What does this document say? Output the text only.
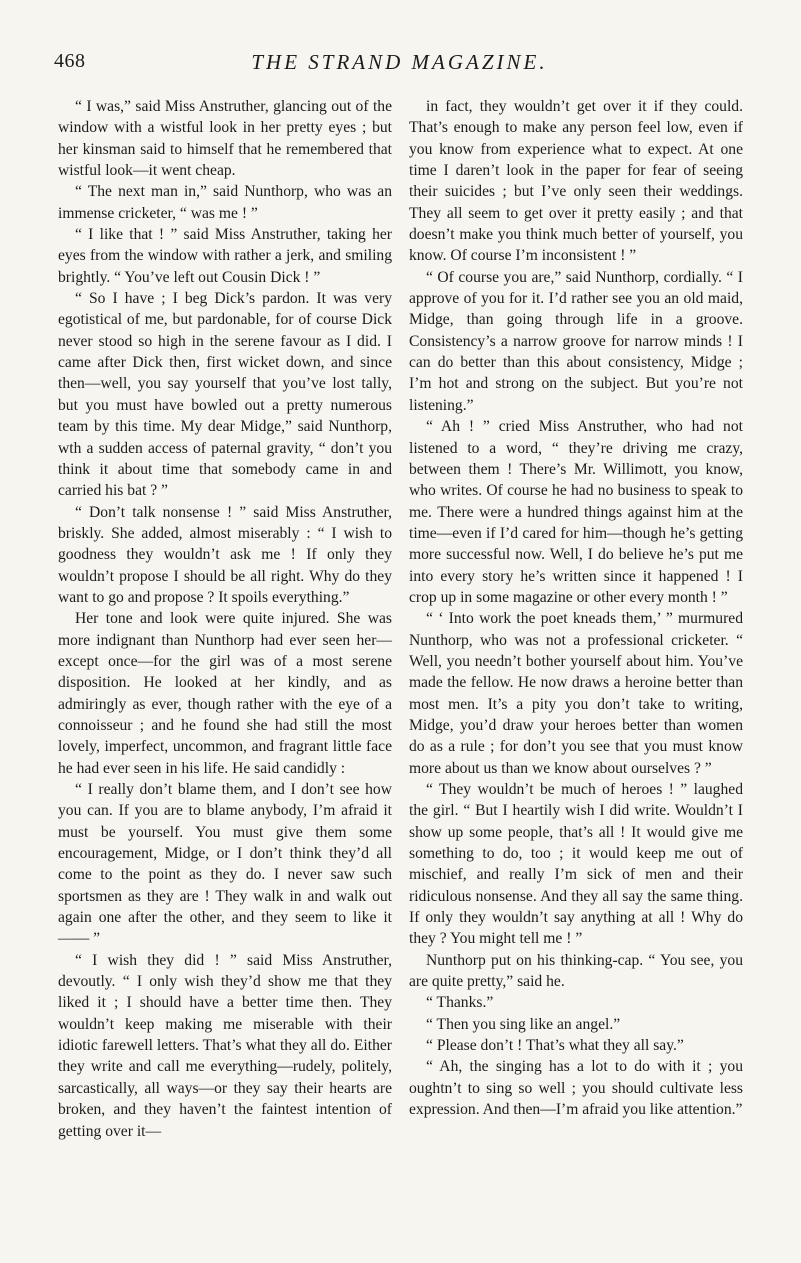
468	THE STRAND MAGAZINE.

“ I was,” said Miss Anstruther, glancing out of the window with a wistful look in her pretty eyes ; but her kinsman said to himself that he remembered that wistful look—it went cheap.

“ The next man in,” said Nunthorp, who was an immense cricketer, “ was me ! ”

“ I like that ! ” said Miss Anstruther, taking her eyes from the window with rather a jerk, and smiling brightly. “ You’ve left out Cousin Dick ! ”

“ So I have ; I beg Dick’s pardon. It was very egotistical of me, but pardonable, for of course Dick never stood so high in the serene favour as I did. I came after Dick then, first wicket down, and since then—well, you say yourself that you’ve lost tally, but you must have bowled out a pretty numerous team by this time. My dear Midge,” said Nunthorp, wth a sudden access of paternal gravity, “ don’t you think it about time that somebody came in and carried his bat ? ”

“ Don’t talk nonsense ! ” said Miss Anstruther, briskly. She added, almost miserably : “ I wish to goodness they wouldn’t ask me ! If only they wouldn’t propose I should be all right. Why do they want to go and propose ? It spoils everything.”

Her tone and look were quite injured. She was more indignant than Nunthorp had ever seen her—except once—for the girl was of a most serene disposition. He looked at her kindly, and as admiringly as ever, though rather with the eye of a connoisseur ; and he found she had still the most lovely, imperfect, uncommon, and fragrant little face he had ever seen in his life. He said candidly :

“ I really don’t blame them, and I don’t see how you can. If you are to blame anybody, I’m afraid it must be yourself. You must give them some encouragement, Midge, or I don’t think they’d all come to the point as they do. I never saw such sportsmen as they are ! They walk in and walk out again one after the other, and they seem to like it—— ”

“ I wish they did ! ” said Miss Anstruther, devoutly. “ I only wish they’d show me that they liked it ; I should have a better time then. They wouldn’t keep making me miserable with their idiotic farewell letters. That’s what they all do. Either they write and call me everything—rudely, politely, sarcastically, all ways—or they say their hearts are broken, and they haven’t the faintest intention of getting over it—

in fact, they wouldn’t get over it if they could. That’s enough to make any person feel low, even if you know from experience what to expect. At one time I daren’t look in the paper for fear of seeing their suicides ; but I’ve only seen their weddings. They all seem to get over it pretty easily ; and that doesn’t make you think much better of yourself, you know. Of course I’m inconsistent ! ”

“ Of course you are,” said Nunthorp, cordially. “ I approve of you for it. I’d rather see you an old maid, Midge, than going through life in a groove. Consistency’s a narrow groove for narrow minds ! I can do better than this about consistency, Midge ; I’m hot and strong on the subject. But you’re not listening.”

“ Ah ! ” cried Miss Anstruther, who had not listened to a word, “ they’re driving me crazy, between them ! There’s Mr. Willimott, you know, who writes. Of course he had no business to speak to me. There were a hundred things against him at the time—even if I’d cared for him—though he’s getting more successful now. Well, I do believe he’s put me into every story he’s written since it happened ! I crop up in some magazine or other every month ! ”

“ ‘ Into work the poet kneads them,’ ” murmured Nunthorp, who was not a professional cricketer. “ Well, you needn’t bother yourself about him. You’ve made the fellow. He now draws a heroine better than most men. It’s a pity you don’t take to writing, Midge, you’d draw your heroes better than women do as a rule ; for don’t you see that you must know more about us than we know about ourselves ? ”

“ They wouldn’t be much of heroes ! ” laughed the girl. “ But I heartily wish I did write. Wouldn’t I show up some people, that’s all ! It would give me something to do, too ; it would keep me out of mischief, and really I’m sick of men and their ridiculous nonsense. And they all say the same thing. If only they wouldn’t say anything at all ! Why do they ? You might tell me ! ”

Nunthorp put on his thinking-cap. “ You see, you are quite pretty,” said he.

“ Thanks.”

“ Then you sing like an angel.”

“ Please don’t ! That’s what they all say.”

“ Ah, the singing has a lot to do with it ; you oughtn’t to sing so well ; you should cultivate less expression. And then—I’m afraid you like attention.”
